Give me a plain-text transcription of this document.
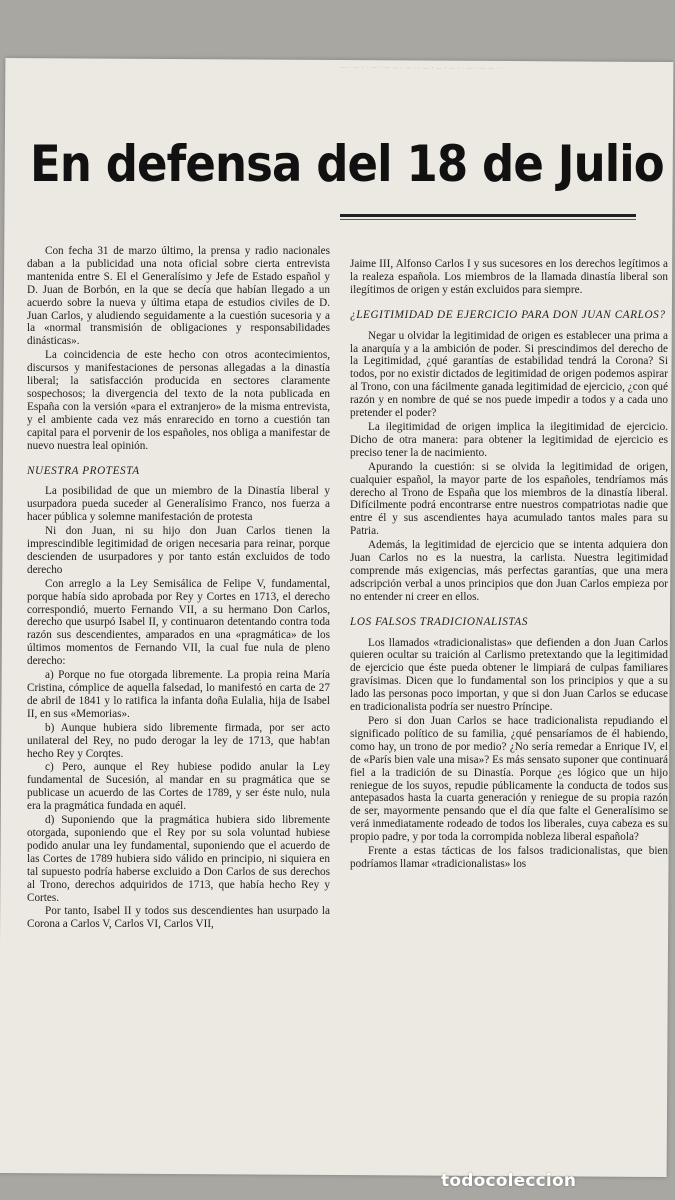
— · — · · — · — — · — · · — · — · — · · — · — — · ·
En defensa del 18 de Julio

Con fecha 31 de marzo último, la prensa y radio nacionales daban a la publicidad una nota oficial sobre cierta entrevista mantenida entre S. El el Generalísimo y Jefe de Estado español y D. Juan de Borbón, en la que se decía que habían llegado a un acuerdo sobre la nueva y última etapa de estudios civiles de D. Juan Carlos, y aludiendo seguidamente a la cuestión sucesoria y a la «normal transmisión de obligaciones y responsabilidades dinásticas».

La coincidencia de este hecho con otros acontecimientos, discursos y manifestaciones de personas allegadas a la dinastía liberal; la satisfacción producida en sectores claramente sospechosos; la divergencia del texto de la nota publicada en España con la versión «para el extranjero» de la misma entrevista, y el ambiente cada vez más enrarecido en torno a cuestión tan capital para el porvenir de los españoles, nos obliga a manifestar de nuevo nuestra leal opinión.

NUESTRA PROTESTA

La posibilidad de que un miembro de la Dinastía liberal y usurpadora pueda suceder al Generalísimo Franco, nos fuerza a hacer pública y solemne manifestación de protesta

Ni don Juan, ni su hijo don Juan Carlos tienen la imprescindible legitimidad de origen necesaria para reinar, porque descienden de usurpadores y por tanto están excluidos de todo derecho

Con arreglo a la Ley Semisálica de Felipe V, fundamental, porque había sido aprobada por Rey y Cortes en 1713, el derecho correspondió, muerto Fernando VII, a su hermano Don Carlos, derecho que usurpó Isabel II, y continuaron detentando contra toda razón sus descendientes, amparados en una «pragmática» de los últimos momentos de Fernando VII, la cual fue nula de pleno derecho:

a) Porque no fue otorgada libremente. La propia reina María Cristina, cómplice de aquella falsedad, lo manifestó en carta de 27 de abril de 1841 y lo ratifica la infanta doña Eulalia, hija de Isabel II, en sus «Memorias».

b) Aunque hubiera sido libremente firmada, por ser acto unilateral del Rey, no pudo derogar la ley de 1713, que hab!an hecho Rey y Corqtes.

c) Pero, aunque el Rey hubiese podido anular la Ley fundamental de Sucesión, al mandar en su pragmática que se publicase un acuerdo de las Cortes de 1789, y ser éste nulo, nula era la pragmática fundada en aquél.

d) Suponiendo que la pragmática hubiera sido libremente otorgada, suponiendo que el Rey por su sola voluntad hubiese podido anular una ley fundamental, suponiendo que el acuerdo de las Cortes de 1789 hubiera sido válido en principio, ni siquiera en tal supuesto podría haberse excluido a Don Carlos de sus derechos al Trono, derechos adquiridos de 1713, que había hecho Rey y Cortes.

Por tanto, Isabel II y todos sus descendientes han usurpado la Corona a Carlos V, Carlos VI, Carlos VII,

Jaime III, Alfonso Carlos I y sus sucesores en los derechos legítimos a la realeza española. Los miembros de la llamada dinastía liberal son ilegítimos de origen y están excluidos para siempre.

¿LEGITIMIDAD DE EJERCICIO PARA DON JUAN CARLOS?

Negar u olvidar la legitimidad de origen es establecer una prima a la anarquía y a la ambición de poder. Si prescindimos del derecho de la Legitimidad, ¿qué garantías de estabilidad tendrá la Corona? Si todos, por no existir dictados de legitimidad de origen podemos aspirar al Trono, con una fácilmente ganada legitimidad de ejercicio, ¿con qué razón y en nombre de qué se nos puede impedir a todos y a cada uno pretender el poder?

La ilegitimidad de origen implica la ilegitimidad de ejercicio. Dicho de otra manera: para obtener la legitimidad de ejercicio es preciso tener la de nacimiento.

Apurando la cuestión: si se olvida la legitimidad de origen, cualquier español, la mayor parte de los españoles, tendríamos más derecho al Trono de España que los miembros de la dinastía liberal. Difícilmente podrá encontrarse entre nuestros compatriotas nadie que entre él y sus ascendientes haya acumulado tantos males para su Patria.

Además, la legitimidad de ejercicio que se intenta adquiera don Juan Carlos no es la nuestra, la carlista. Nuestra legitimidad comprende más exigencias, más perfectas garantías, que una mera adscripción verbal a unos principios que don Juan Carlos empieza por no entender ni creer en ellos.

LOS FALSOS TRADICIONALISTAS

Los llamados «tradicionalistas» que defienden a don Juan Carlos quieren ocultar su traición al Carlismo pretextando que la legitimidad de ejercicio que éste pueda obtener le limpiará de culpas familiares gravísimas. Dicen que lo fundamental son los principios y que a su lado las personas poco importan, y que si don Juan Carlos se educase en tradicionalista podría ser nuestro Príncipe.

Pero si don Juan Carlos se hace tradicionalista repudiando el significado político de su familia, ¿qué pensaríamos de él habiendo, como hay, un trono de por medio? ¿No sería remedar a Enrique IV, el de «París bien vale una misa»? Es más sensato suponer que continuará fiel a la tradición de su Dinastía. Porque ¿es lógico que un hijo reniegue de los suyos, repudie públicamente la conducta de todos sus antepasados hasta la cuarta generación y reniegue de su propia razón de ser, mayormente pensando que el día que falte el Generalísimo se verá inmediatamente rodeado de todos los liberales, cuya cabeza es su propio padre, y por toda la corrompida nobleza liberal española?

Frente a estas tácticas de los falsos tradicionalistas, que bien podríamos llamar «tradicionalistas» los

todocoleccion
